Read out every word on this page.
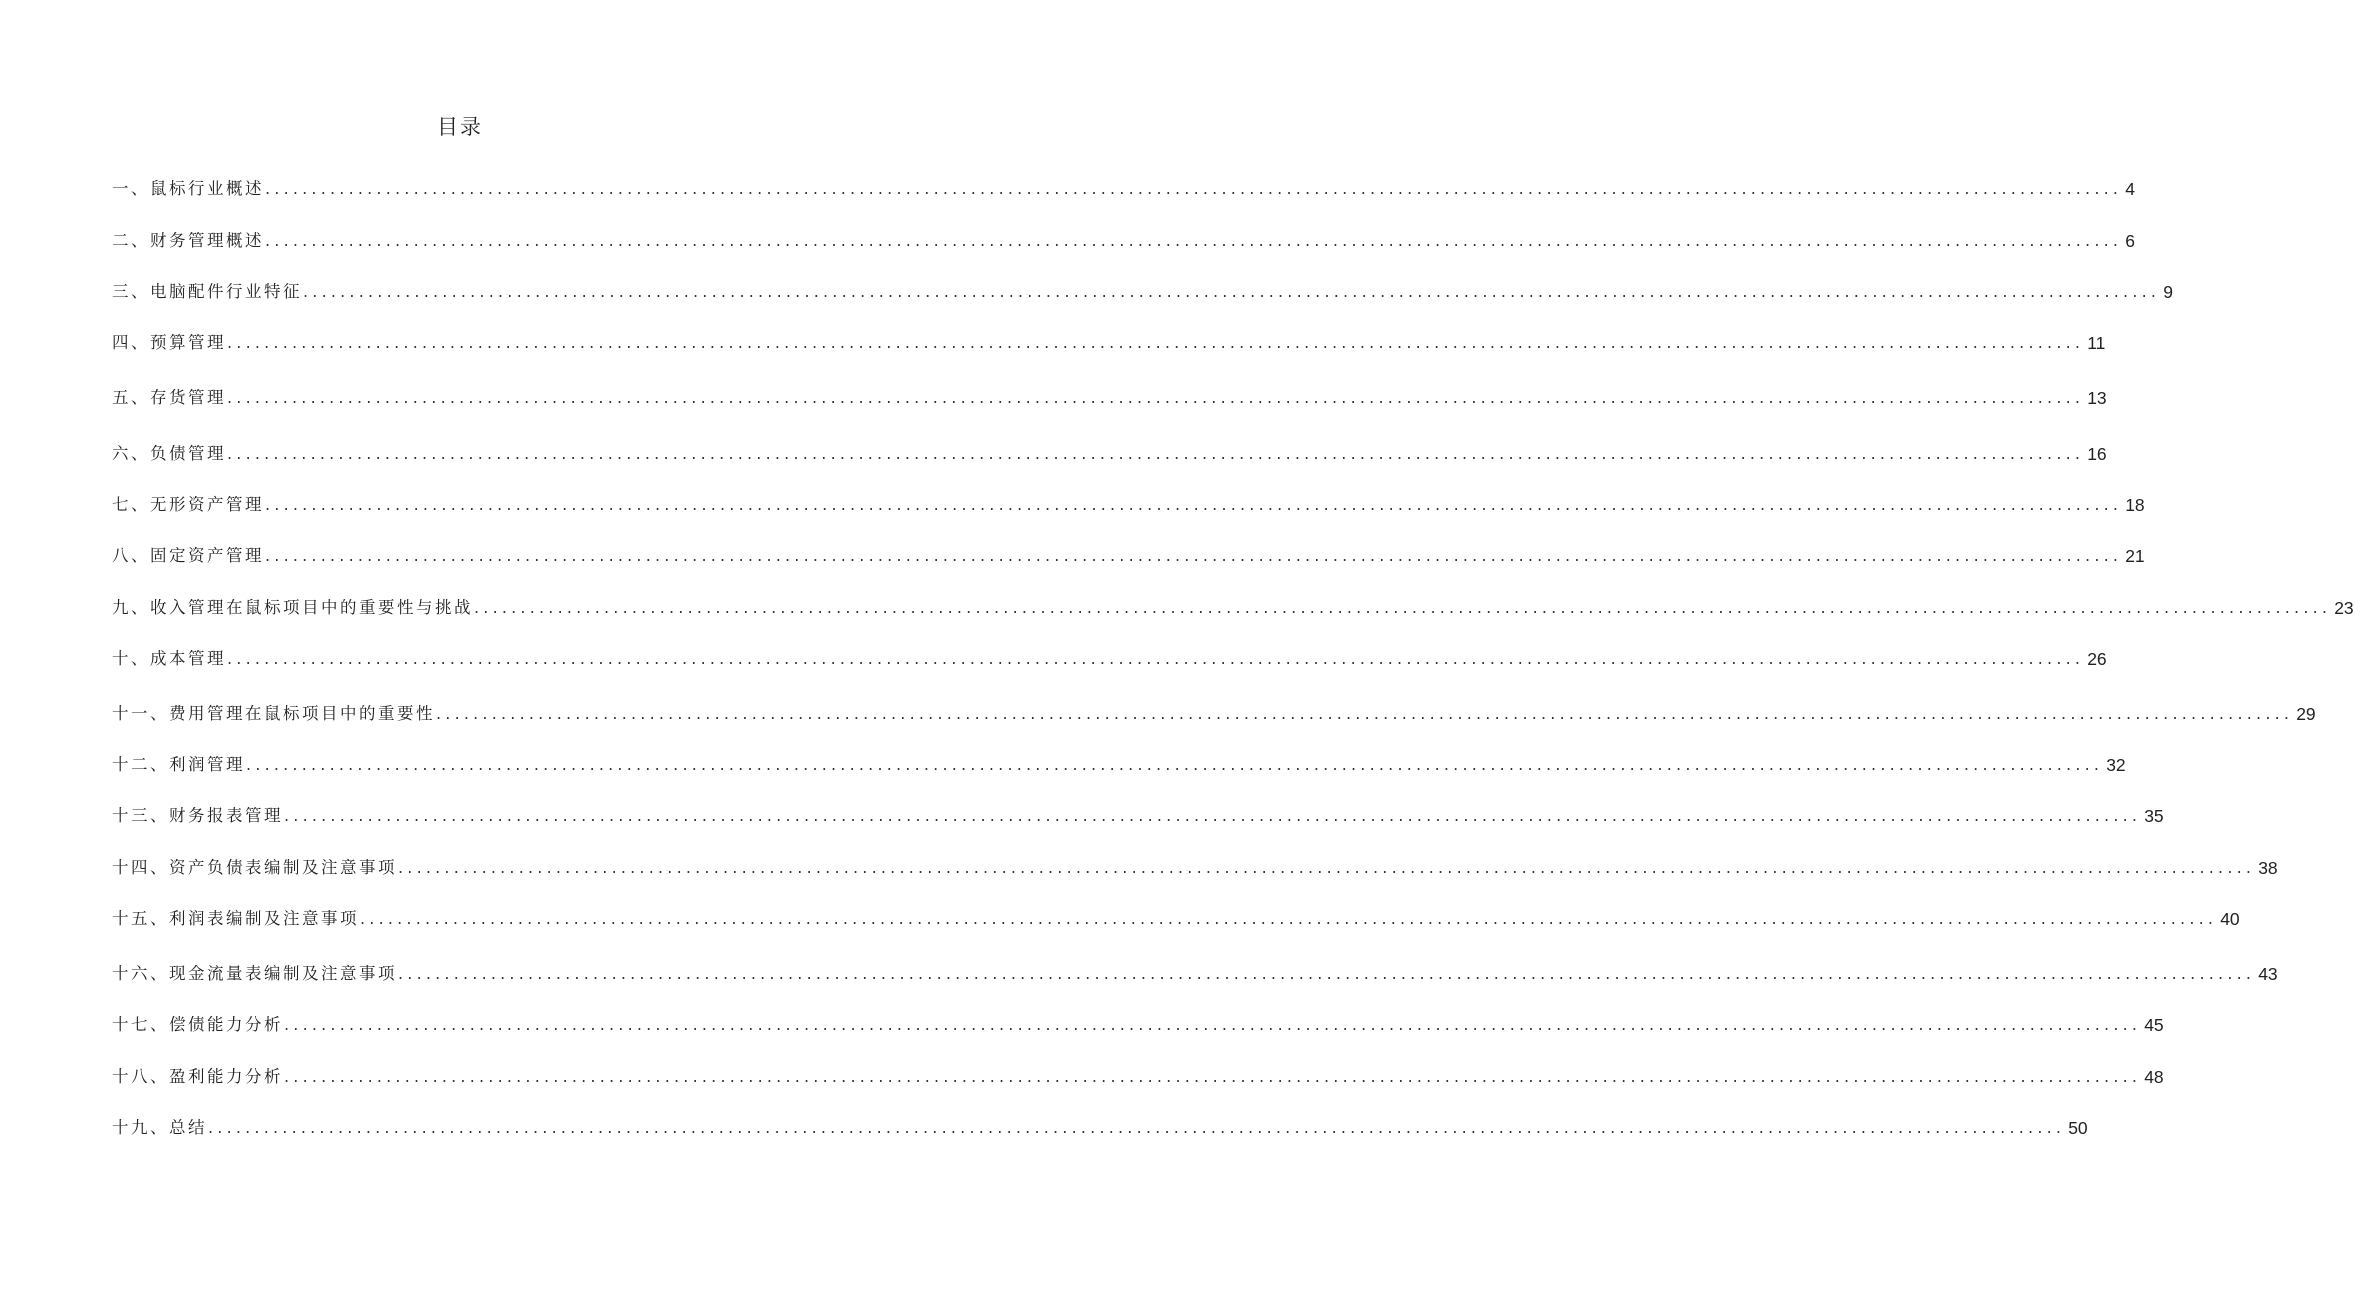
目录
一、鼠标行业概述 ........................................................................................................................................................................................................ 4
二、财务管理概述 ........................................................................................................................................................................................................ 6
三、电脑配件行业特征 ........................................................................................................................................................................................................ 9
四、预算管理 ........................................................................................................................................................................................................ 11
五、存货管理 ........................................................................................................................................................................................................ 13
六、负债管理 ........................................................................................................................................................................................................ 16
七、无形资产管理 ........................................................................................................................................................................................................ 18
八、固定资产管理 ........................................................................................................................................................................................................ 21
九、收入管理在鼠标项目中的重要性与挑战 ........................................................................................................................................................................................................ 23
十、成本管理 ........................................................................................................................................................................................................ 26
十一、费用管理在鼠标项目中的重要性 ........................................................................................................................................................................................................ 29
十二、利润管理 ........................................................................................................................................................................................................ 32
十三、财务报表管理 ........................................................................................................................................................................................................ 35
十四、资产负债表编制及注意事项 ........................................................................................................................................................................................................ 38
十五、利润表编制及注意事项 ........................................................................................................................................................................................................ 40
十六、现金流量表编制及注意事项 ........................................................................................................................................................................................................ 43
十七、偿债能力分析 ........................................................................................................................................................................................................ 45
十八、盈利能力分析 ........................................................................................................................................................................................................ 48
十九、总结 ........................................................................................................................................................................................................ 50
